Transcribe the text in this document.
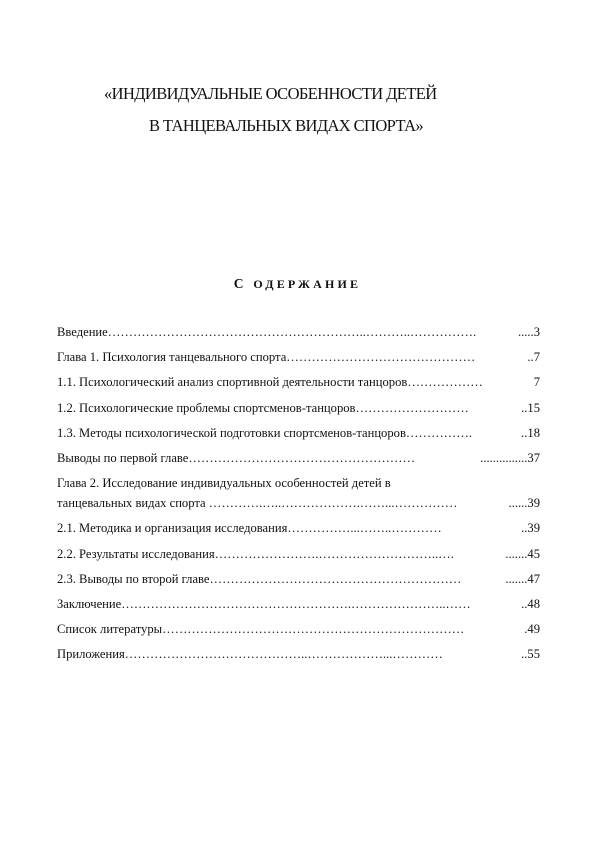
«ИНДИВИДУАЛЬНЫЕ ОСОБЕННОСТИ ДЕТЕЙ
В ТАНЦЕВАЛЬНЫХ ВИДАХ СПОРТА»
С ОДЕРЖАНИЕ
Введение……………………………………………………..………..…………….	.....3
Глава 1. Психология танцевального спорта………………………………………	..7
1.1. Психологический анализ спортивной деятельности танцоров………………	7
1.2. Психологические проблемы спортсменов-танцоров………………………	..15
1.3. Методы психологической подготовки спортсменов-танцоров…………….	..18
Выводы по первой главе………………………………………………	...............37
Глава 2. Исследование индивидуальных особенностей детей в
танцевальных видах спорта ………….…..……………….……...……………	......39
2.1. Методика и организация исследования……………...……..…………	..39
2.2. Результаты исследования…………………….………………………..….	.......45
2.3. Выводы по второй главе……………………………………………………	.......47
Заключение……………………………………………….…………………..……	..48
Список литературы………………………………………………………………	.49
Приложения……………………………………..………………...…………	..55
